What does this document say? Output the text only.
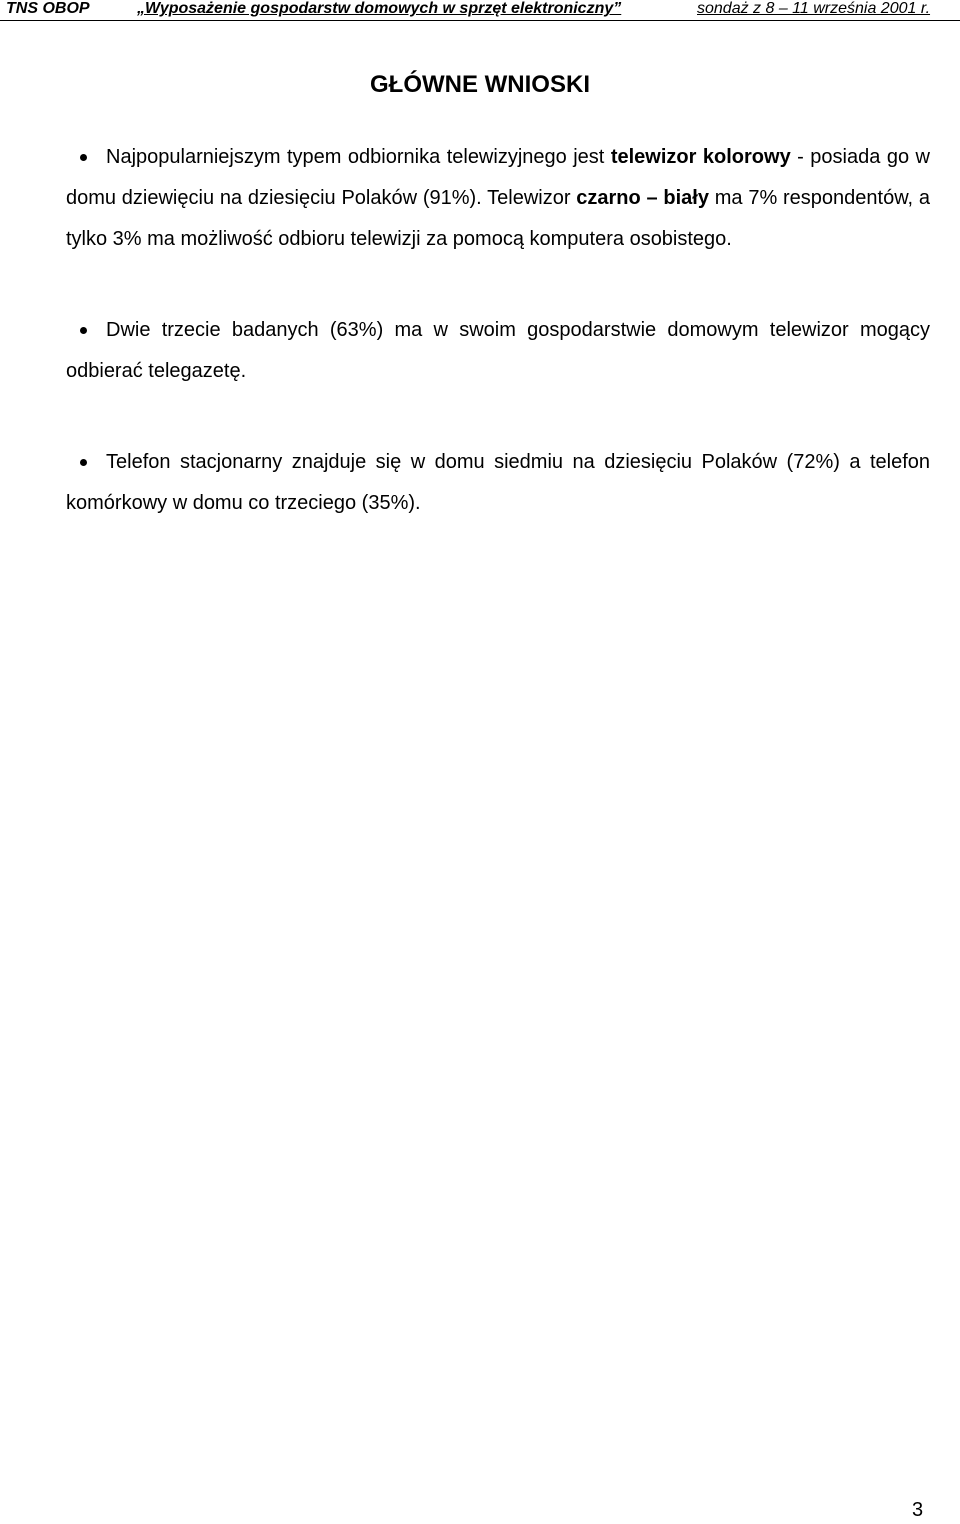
TNS OBOP	„Wyposażenie gospodarstw domowych w sprzęt elektroniczny”	sondaż z 8 – 11 września 2001 r.
GŁÓWNE WNIOSKI
Najpopularniejszym typem odbiornika telewizyjnego jest telewizor kolorowy - posiada go w domu dziewięciu na dziesięciu Polaków (91%). Telewizor czarno – biały ma 7% respondentów, a tylko 3% ma możliwość odbioru telewizji za pomocą komputera osobistego.
Dwie trzecie badanych (63%) ma w swoim gospodarstwie domowym telewizor mogący odbierać telegazetę.
Telefon stacjonarny znajduje się w domu siedmiu na dziesięciu Polaków (72%) a telefon komórkowy w domu co trzeciego (35%).
3
